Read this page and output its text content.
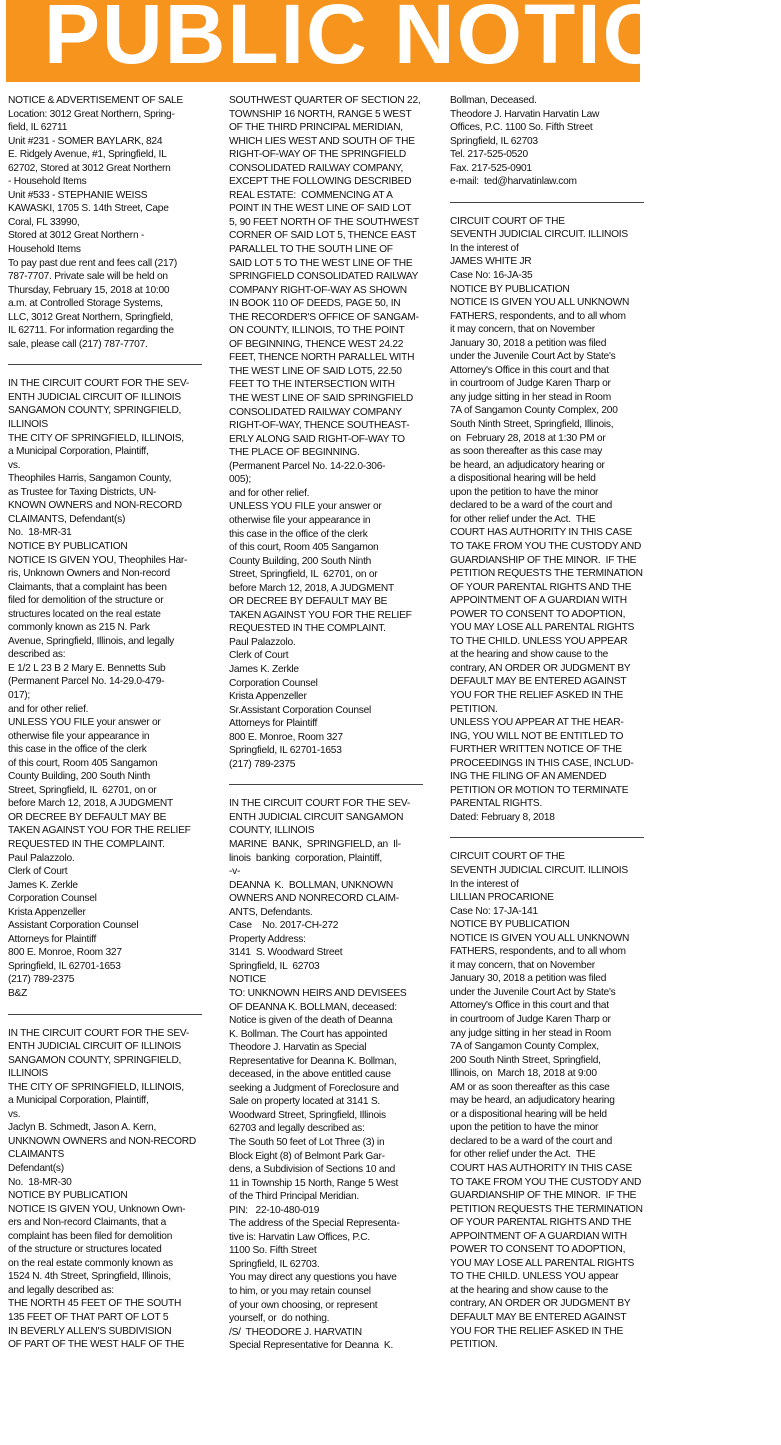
PUBLIC NOTICES
NOTICE & ADVERTISEMENT OF SALE
Location: 3012 Great Northern, Spring-
field, IL 62711
Unit #231 - SOMER BAYLARK, 824
E. Ridgely Avenue, #1, Springfield, IL
62702, Stored at 3012 Great Northern
- Household Items
Unit #533 - STEPHANIE WEISS
KAWASKI, 1705 S. 14th Street, Cape
Coral, FL 33990,
Stored at 3012 Great Northern -
Household Items
To pay past due rent and fees call (217)
787-7707. Private sale will be held on
Thursday, February 15, 2018 at 10:00
a.m. at Controlled Storage Systems,
LLC, 3012 Great Northern, Springfield,
IL 62711. For information regarding the
sale, please call (217) 787-7707.
IN THE CIRCUIT COURT FOR THE SEV-
ENTH JUDICIAL CIRCUIT OF ILLINOIS
SANGAMON COUNTY, SPRINGFIELD,
ILLINOIS
THE CITY OF SPRINGFIELD, ILLINOIS,
a Municipal Corporation, Plaintiff,
vs.
Theophiles Harris, Sangamon County,
as Trustee for Taxing Districts, UN-
KNOWN OWNERS and NON-RECORD
CLAIMANTS, Defendant(s)
No.  18-MR-31
NOTICE BY PUBLICATION
NOTICE IS GIVEN YOU, Theophiles Har-
ris, Unknown Owners and Non-record
Claimants, that a complaint has been
filed for demolition of the structure or
structures located on the real estate
commonly known as 215 N. Park
Avenue, Springfield, Illinois, and legally
described as:
E 1/2 L 23 B 2 Mary E. Bennetts Sub
(Permanent Parcel No. 14-29.0-479-
017);
and for other relief.
UNLESS YOU FILE your answer or
otherwise file your appearance in
this case in the office of the clerk
of this court, Room 405 Sangamon
County Building, 200 South Ninth
Street, Springfield, IL  62701, on or
before March 12, 2018, A JUDGMENT
OR DECREE BY DEFAULT MAY BE
TAKEN AGAINST YOU FOR THE RELIEF
REQUESTED IN THE COMPLAINT.
Paul Palazzolo.
Clerk of Court
James K. Zerkle
Corporation Counsel
Krista Appenzeller
Assistant Corporation Counsel
Attorneys for Plaintiff
800 E. Monroe, Room 327
Springfield, IL 62701-1653
(217) 789-2375
B&Z
IN THE CIRCUIT COURT FOR THE SEV-
ENTH JUDICIAL CIRCUIT OF ILLINOIS
SANGAMON COUNTY, SPRINGFIELD,
ILLINOIS
THE CITY OF SPRINGFIELD, ILLINOIS,
a Municipal Corporation, Plaintiff,
vs.
Jaclyn B. Schmedt, Jason A. Kern,
UNKNOWN OWNERS and NON-RECORD
CLAIMANTS
Defendant(s)
No.  18-MR-30
NOTICE BY PUBLICATION
NOTICE IS GIVEN YOU, Unknown Own-
ers and Non-record Claimants, that a
complaint has been filed for demolition
of the structure or structures located
on the real estate commonly known as
1524 N. 4th Street, Springfield, Illinois,
and legally described as:
THE NORTH 45 FEET OF THE SOUTH
135 FEET OF THAT PART OF LOT 5
IN BEVERLY ALLEN'S SUBDIVISION
OF PART OF THE WEST HALF OF THE
SOUTHWEST QUARTER OF SECTION 22,
TOWNSHIP 16 NORTH, RANGE 5 WEST
OF THE THIRD PRINCIPAL MERIDIAN,
WHICH LIES WEST AND SOUTH OF THE
RIGHT-OF-WAY OF THE SPRINGFIELD
CONSOLIDATED RAILWAY COMPANY,
EXCEPT THE FOLLOWING DESCRIBED
REAL ESTATE:  COMMENCING AT A
POINT IN THE WEST LINE OF SAID LOT
5, 90 FEET NORTH OF THE SOUTHWEST
CORNER OF SAID LOT 5, THENCE EAST
PARALLEL TO THE SOUTH LINE OF
SAID LOT 5 TO THE WEST LINE OF THE
SPRINGFIELD CONSOLIDATED RAILWAY
COMPANY RIGHT-OF-WAY AS SHOWN
IN BOOK 110 OF DEEDS, PAGE 50, IN
THE RECORDER'S OFFICE OF SANGAM-
ON COUNTY, ILLINOIS, TO THE POINT
OF BEGINNING, THENCE WEST 24.22
FEET, THENCE NORTH PARALLEL WITH
THE WEST LINE OF SAID LOT5, 22.50
FEET TO THE INTERSECTION WITH
THE WEST LINE OF SAID SPRINGFIELD
CONSOLIDATED RAILWAY COMPANY
RIGHT-OF-WAY, THENCE SOUTHEAST-
ERLY ALONG SAID RIGHT-OF-WAY TO
THE PLACE OF BEGINNING.
(Permanent Parcel No. 14-22.0-306-
005);
and for other relief.
UNLESS YOU FILE your answer or
otherwise file your appearance in
this case in the office of the clerk
of this court, Room 405 Sangamon
County Building, 200 South Ninth
Street, Springfield, IL  62701, on or
before March 12, 2018, A JUDGMENT
OR DECREE BY DEFAULT MAY BE
TAKEN AGAINST YOU FOR THE RELIEF
REQUESTED IN THE COMPLAINT.
Paul Palazzolo.
Clerk of Court
James K. Zerkle
Corporation Counsel
Krista Appenzeller
Sr.Assistant Corporation Counsel
Attorneys for Plaintiff
800 E. Monroe, Room 327
Springfield, IL 62701-1653
(217) 789-2375
IN THE CIRCUIT COURT FOR THE SEV-
ENTH JUDICIAL CIRCUIT SANGAMON
COUNTY, ILLINOIS
MARINE  BANK,  SPRINGFIELD, an  Il-
linois  banking  corporation, Plaintiff,
-v-
DEANNA  K.  BOLLMAN, UNKNOWN
OWNERS AND NONRECORD CLAIM-
ANTS, Defendants.
Case    No. 2017-CH-272
Property Address:
3141  S. Woodward Street
Springfield, IL  62703
NOTICE
TO: UNKNOWN HEIRS AND DEVISEES
OF DEANNA K. BOLLMAN, deceased:
Notice is given of the death of Deanna
K. Bollman. The Court has appointed
Theodore J. Harvatin as Special
Representative for Deanna K. Bollman,
deceased, in the above entitled cause
seeking a Judgment of Foreclosure and
Sale on property located at 3141 S.
Woodward Street, Springfield, Illinois
62703 and legally described as:
The South 50 feet of Lot Three (3) in
Block Eight (8) of Belmont Park Gar-
dens, a Subdivision of Sections 10 and
11 in Township 15 North, Range 5 West
of the Third Principal Meridian.
PIN:   22-10-480-019
The address of the Special Representa-
tive is: Harvatin Law Offices, P.C.
1100 So. Fifth Street
Springfield, IL 62703.
You may direct any questions you have
to him, or you may retain counsel
of your own choosing, or represent
yourself, or  do nothing.
/S/  THEODORE J. HARVATIN
Special Representative for Deanna  K.
Bollman, Deceased.
Theodore J. Harvatin Harvatin Law
Offices, P.C. 1100 So. Fifth Street
Springfield, IL 62703
Tel. 217-525-0520
Fax. 217-525-0901
e-mail:  ted@harvatinlaw.com
CIRCUIT COURT OF THE
SEVENTH JUDICIAL CIRCUIT. ILLINOIS
In the interest of
JAMES WHITE JR
Case No: 16-JA-35
NOTICE BY PUBLICATION
NOTICE IS GIVEN YOU ALL UNKNOWN
FATHERS, respondents, and to all whom
it may concern, that on November
January 30, 2018 a petition was filed
under the Juvenile Court Act by State's
Attorney's Office in this court and that
in courtroom of Judge Karen Tharp or
any judge sitting in her stead in Room
7A of Sangamon County Complex, 200
South Ninth Street, Springfield, Illinois,
on  February 28, 2018 at 1:30 PM or
as soon thereafter as this case may
be heard, an adjudicatory hearing or
a dispositional hearing will be held
upon the petition to have the minor
declared to be a ward of the court and
for other relief under the Act.  THE
COURT HAS AUTHORITY IN THIS CASE
TO TAKE FROM YOU THE CUSTODY AND
GUARDIANSHIP OF THE MINOR.  IF THE
PETITION REQUESTS THE TERMINATION
OF YOUR PARENTAL RIGHTS AND THE
APPOINTMENT OF A GUARDIAN WITH
POWER TO CONSENT TO ADOPTION,
YOU MAY LOSE ALL PARENTAL RIGHTS
TO THE CHILD. UNLESS YOU APPEAR
at the hearing and show cause to the
contrary, AN ORDER OR JUDGMENT BY
DEFAULT MAY BE ENTERED AGAINST
YOU FOR THE RELIEF ASKED IN THE
PETITION.
UNLESS YOU APPEAR AT THE HEAR-
ING, YOU WILL NOT BE ENTITLED TO
FURTHER WRITTEN NOTICE OF THE
PROCEEDINGS IN THIS CASE, INCLUD-
ING THE FILING OF AN AMENDED
PETITION OR MOTION TO TERMINATE
PARENTAL RIGHTS.
Dated: February 8, 2018
CIRCUIT COURT OF THE
SEVENTH JUDICIAL CIRCUIT. ILLINOIS
In the interest of
LILLIAN PROCARIONE
Case No: 17-JA-141
NOTICE BY PUBLICATION
NOTICE IS GIVEN YOU ALL UNKNOWN
FATHERS, respondents, and to all whom
it may concern, that on November
January 30, 2018 a petition was filed
under the Juvenile Court Act by State's
Attorney's Office in this court and that
in courtroom of Judge Karen Tharp or
any judge sitting in her stead in Room
7A of Sangamon County Complex,
200 South Ninth Street, Springfield,
Illinois, on  March 18, 2018 at 9:00
AM or as soon thereafter as this case
may be heard, an adjudicatory hearing
or a dispositional hearing will be held
upon the petition to have the minor
declared to be a ward of the court and
for other relief under the Act.  THE
COURT HAS AUTHORITY IN THIS CASE
TO TAKE FROM YOU THE CUSTODY AND
GUARDIANSHIP OF THE MINOR.  IF THE
PETITION REQUESTS THE TERMINATION
OF YOUR PARENTAL RIGHTS AND THE
APPOINTMENT OF A GUARDIAN WITH
POWER TO CONSENT TO ADOPTION,
YOU MAY LOSE ALL PARENTAL RIGHTS
TO THE CHILD. UNLESS YOU appear
at the hearing and show cause to the
contrary, AN ORDER OR JUDGMENT BY
DEFAULT MAY BE ENTERED AGAINST
YOU FOR THE RELIEF ASKED IN THE
PETITION.
